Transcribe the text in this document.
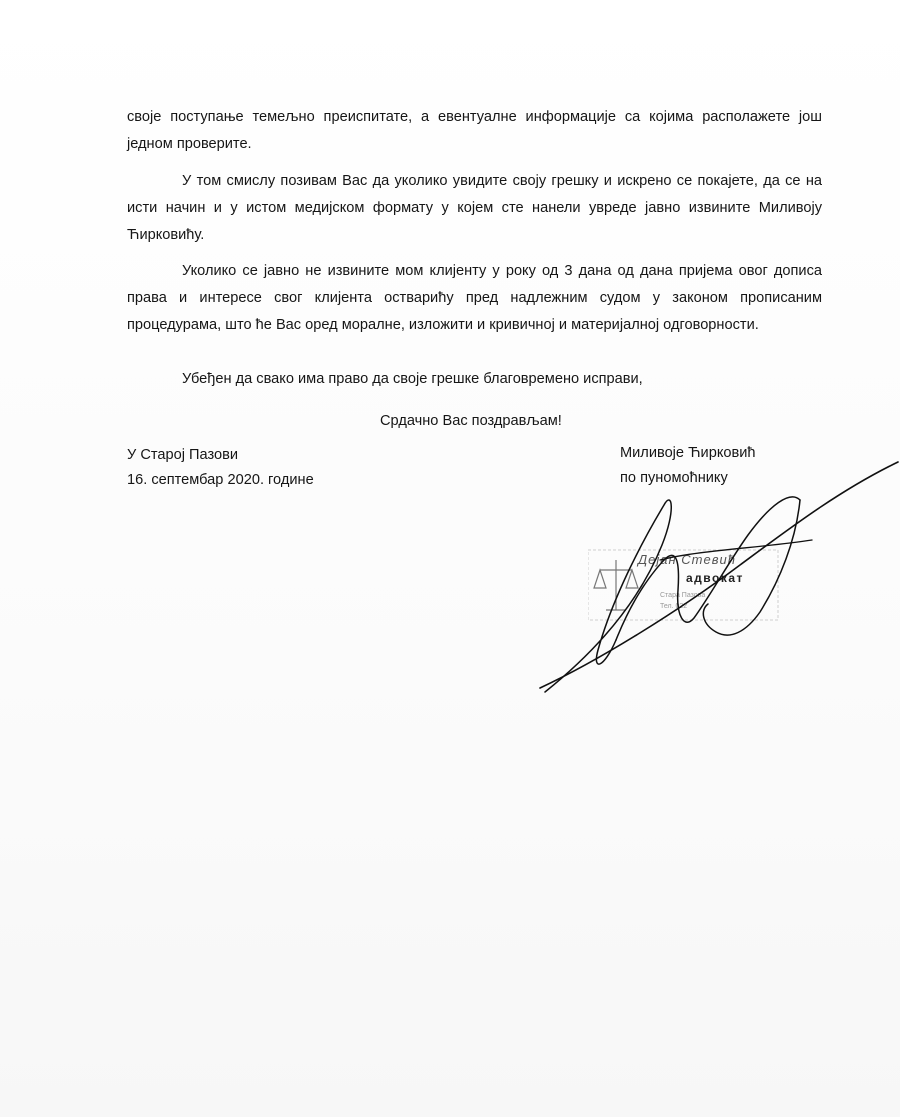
своје поступање темељно преиспитате, а евентуалне информације са којима располажете још једном проверите.

У том смислу позивам Вас да уколико увидите своју грешку и искрено се покајете, да се на исти начин и у истом медијском формату у којем сте нанели увреде јавно извините Миливоју Ћирковићу.

Уколико се јавно не извините мом клијенту у року од 3 дана од дана пријема овог дописа права и интересе свог клијента остварићу пред надлежним судом у законом прописаним процедурама, што ће Вас оред моралне, изложити и кривичној и материјалној одговорности.

Убеђен да свако има право да своје грешке благовремено исправи,

Срдачно Вас поздрављам!

У Старој Пазови
16. септембар 2020. године
Миливоје Ћирковић
по пуномоћнику
Дејан Стевић
адвокат
Стара Пазова
Тел. 022
